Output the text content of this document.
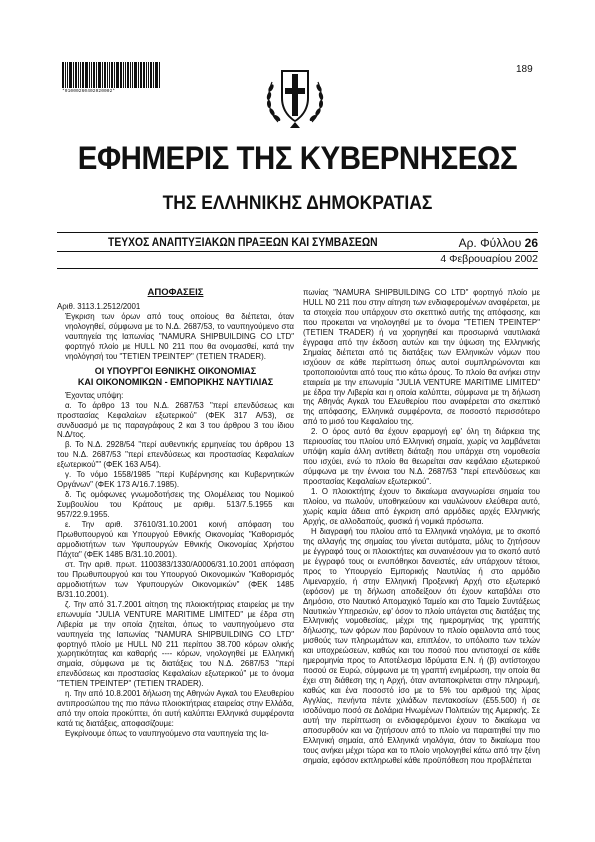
*01000260402020002*
189
ΕΦΗΜΕΡΙΣ ΤΗΣ ΚΥΒΕΡΝΗΣΕΩΣ
ΤΗΣ ΕΛΛΗΝΙΚΗΣ ΔΗΜΟΚΡΑΤΙΑΣ
ΤΕΥΧΟΣ ΑΝΑΠΤΥΞΙΑΚΩΝ ΠΡΑΞΕΩΝ ΚΑΙ ΣΥΜΒΑΣΕΩΝ	Αρ. Φύλλου 26
4 Φεβρουαρίου 2002

ΑΠΟΦΑΣΕΙΣ

Αριθ. 3113.1.2512/2001

Έγκριση των όρων από τους οποίους θα διέπεται, όταν νηολογηθεί, σύμφωνα με το Ν.Δ. 2687/53, το ναυπηγούμενο στα ναυπηγεία της Ιαπωνίας "NAMURA SHIPBUILDING CO LTD" φορτηγό πλοίο με HULL N0 211 που θα ονομασθεί, κατά την νηολόγησή του "TETIEN TPEINTEP" (TETIEN TRADER).

ΟΙ ΥΠΟΥΡΓΟΙ ΕΘΝΙΚΗΣ ΟΙΚΟΝΟΜΙΑΣ

ΚΑΙ ΟΙΚΟΝΟΜΙΚΩΝ - ΕΜΠΟΡΙΚΗΣ ΝΑΥΤΙΛΙΑΣ

Έχοντας υπόψη:

α. Το άρθρο 13 του Ν.Δ. 2687/53 "περί επενδύσεως και προστασίας Κεφαλαίων εξωτερικού" (ΦΕΚ 317 Α/53), σε συνδυασμό με τις παραγράφους 2 και 3 του άρθρου 3 του ίδιου Ν.Δ/τος.

β. Το Ν.Δ. 2928/54 "περί αυθεντικής ερμηνείας του άρθρου 13 του Ν.Δ. 2687/53 "περί επενδύσεως και προστασίας Κεφαλαίων εξωτερικού"" (ΦΕΚ 163 Α/54).

γ. Το νόμο 1558/1985 "περί Κυβέρνησης και Κυβερνητικών Οργάνων" (ΦΕΚ 173 Α/16.7.1985).

δ. Τις ομόφωνες γνωμοδοτήσεις της Ολομέλειας του Νομικού Συμβουλίου του Κράτους με αριθμ. 513/7.5.1955 και 957/22.9.1955.

ε. Την αριθ. 37610/31.10.2001 κοινή απόφαση του Πρωθυπουργού και Υπουργού Εθνικής Οικονομίας "Καθορισμός αρμοδιοτήτων των Υφυπουργών Εθνικής Οικονομίας Χρήστου Πάχτα" (ΦΕΚ 1485 Β/31.10.2001).

στ. Την αριθ. πρωτ. 1100383/1330/Α0006/31.10.2001 απόφαση του Πρωθυπουργού και του Υπουργού Οικονομικών "Καθορισμός αρμοδιοτήτων των Υφυπουργών Οικονομικών" (ΦΕΚ 1485 Β/31.10.2001).

ζ. Την από 31.7.2001 αίτηση της πλοιοκτήτριας εταιρείας με την επωνυμία "JULIA VENTURE MARITIME LIMITED" με έδρα στη Λιβερία με την οποία ζητείται, όπως το ναυπηγούμενο στα ναυπηγεία της Ιαπωνίας "NAMURA SHIPBUILDING CO LTD" φορτηγό πλοίο με HULL N0 211 περίπου 38.700 κόρων ολικής χωρητικότητας και καθαρής ---- κόρων, νηολογηθεί με Ελληνική σημαία, σύμφωνα με τις διατάξεις του Ν.Δ. 2687/53 "περί επενδύσεως και προστασίας Κεφαλαίων εξωτερικού" με το όνομα "TETIEN TPEINTEP" (TETIEN TRADER).

η. Την από 10.8.2001 δήλωση της Αθηνών Αγκαλ του Ελευθερίου αντιπροσώπου της πιο πάνω πλοιοκτήτριας εταιρείας στην Ελλάδα, από την οποία προκύπτει, ότι αυτή καλύπτει Ελληνικά συμφέροντα κατά τις διατάξεις, αποφασίζουμε:

Εγκρίνουμε όπως το ναυπηγούμενο στα ναυπηγεία της Ια-

πωνίας "NAMURA SHIPBUILDING CO LTD" φορτηγό πλοίο με HULL N0 211 που στην αίτηση των ενδιαφερομένων αναφέρεται, με τα στοιχεία που υπάρχουν στο σκεπτικό αυτής της απόφασης, και που προκειται να νηολογηθεί με το όνομα "TETIEN TPEINTEP" (TETIEN TRADER) ή να χορηγηθεί και προσωρινά ναυτιλιακά έγγραφα από την έκδοση αυτών και την ύψωση της Ελληνικής Σημαίας διέπεται από τις διατάξεις των Ελληνικών νόμων που ισχύουν σε κάθε περίπτωση όπως αυτοί συμπληρώνονται και τροποποιούνται από τους πιο κάτω όρους. Το πλοίο θα ανήκει στην εταιρεία με την επωνυμία "JULIA VENTURE MARITIME LIMITED" με έδρα την Λιβερία και η οποία καλύπτει, σύμφωνα με τη δήλωση της Αθηνάς Αγκαλ του Ελευθερίου που αναφέρεται στο σκεπτικό της απόφασης, Ελληνικά συμφέροντα, σε ποσοστό περισσότερο από το μισό του Κεφαλαίου της.

2. Ο όρος αυτό θα έχουν εφαρμογή εφ' όλη τη διάρκεια της περιουσίας του πλοίου υπό Ελληνική σημαία, χωρίς να λαμβάνεται υπόψη καμία άλλη αντίθετη διάταξη που υπάρχει στη νομοθεσία που ισχύει, ενώ το πλοίο θα θεωρείται σαν κεφάλαιο εξωτερικού σύμφωνα με την έννοια του Ν.Δ. 2687/53 "περί επενδύσεως και προστασίας Κεφαλαίων εξωτερικού".

1. Ο πλοιοκτήτης έχουν το δικαίωμα αναγνωρίσει σημαία του πλοίου, να πωλούν, υποθηκεύουν και ναυλώνουν ελεύθερα αυτό, χωρίς καμία άδεια από έγκριση από αρμόδιες αρχές Ελληνικής Αρχής, σε αλλοδαπούς, φυσικά ή νομικά πρόσωπα.

Η διαγραφή του πλοίου από τα Ελληνικά νηολόγια, με το σκοπό της αλλαγής της σημαίας του γίνεται αυτόματα, μόλις το ζητήσουν με έγγραφό τους οι πλοιοκτήτες και συναινέσουν για το σκοπό αυτό με έγγραφό τους οι ενυπόθηκοι δανειστές, εάν υπάρχουν τέτοιοι, προς το Υπουργείο Εμπορικής Ναυτιλίας ή στο αρμόδιο Λιμεναρχείο, ή στην Ελληνική Προξενική Αρχή στο εξωτερικό (εφόσον) με τη δήλωση αποδείξουν ότι έχουν καταβάλει στο Δημόσιο, στο Ναυτικό Απομαχικό Ταμείο και στο Ταμείο Συντάξεως Ναυτικών Υπηρεσιών, εφ' όσον το πλοίο υπάγεται στις διατάξεις της Ελληνικής νομοθεσίας, μέχρι της ημερομηνίας της γραπτής δήλωσης, των φόρων που βαρύνουν το πλοίο οφειλοντα από τους μισθούς των πληρωμάτων και, επιπλέον, το υπόλοιπο των τελών και υποχρεώσεων, καθώς και του ποσού που αντιστοιχεί σε κάθε ημερομηνία προς το Αποτέλεσμα Ιδρύματα Ε.Ν. ή (β) αντίστοιχου ποσού σε Ευρώ, σύμφωνα με τη γραπτή ενημέρωση, την οποία θα έχει στη διάθεση της η Αρχή, όταν ανταποκρίνεται στην πληρωμή, καθώς και ένα ποσοστό ίσο με το 5% του αριθμού της λίρας Αγγλίας, πενήντα πέντε χιλιάδων πεντακοσίων (£55.500) ή σε ισοδύναμο ποσό σε Δολάρια Ηνωμένων Πολιτειών της Αμερικής. Σε αυτή την περίπτωση οι ενδιαφερόμενοι έχουν το δικαίωμα να αποσυρθούν και να ζητήσουν από το πλοίο να παραιτηθεί την πιο Ελληνική σημαία, από Ελληνικά νηολόγια, όταν το δικαίωμα που τους ανήκει μέχρι τώρα και το πλοίο νηολογηθεί κάτω από την ξένη σημαία, εφόσον εκπληρωθεί κάθε προϋπόθεση που προβλέπεται
